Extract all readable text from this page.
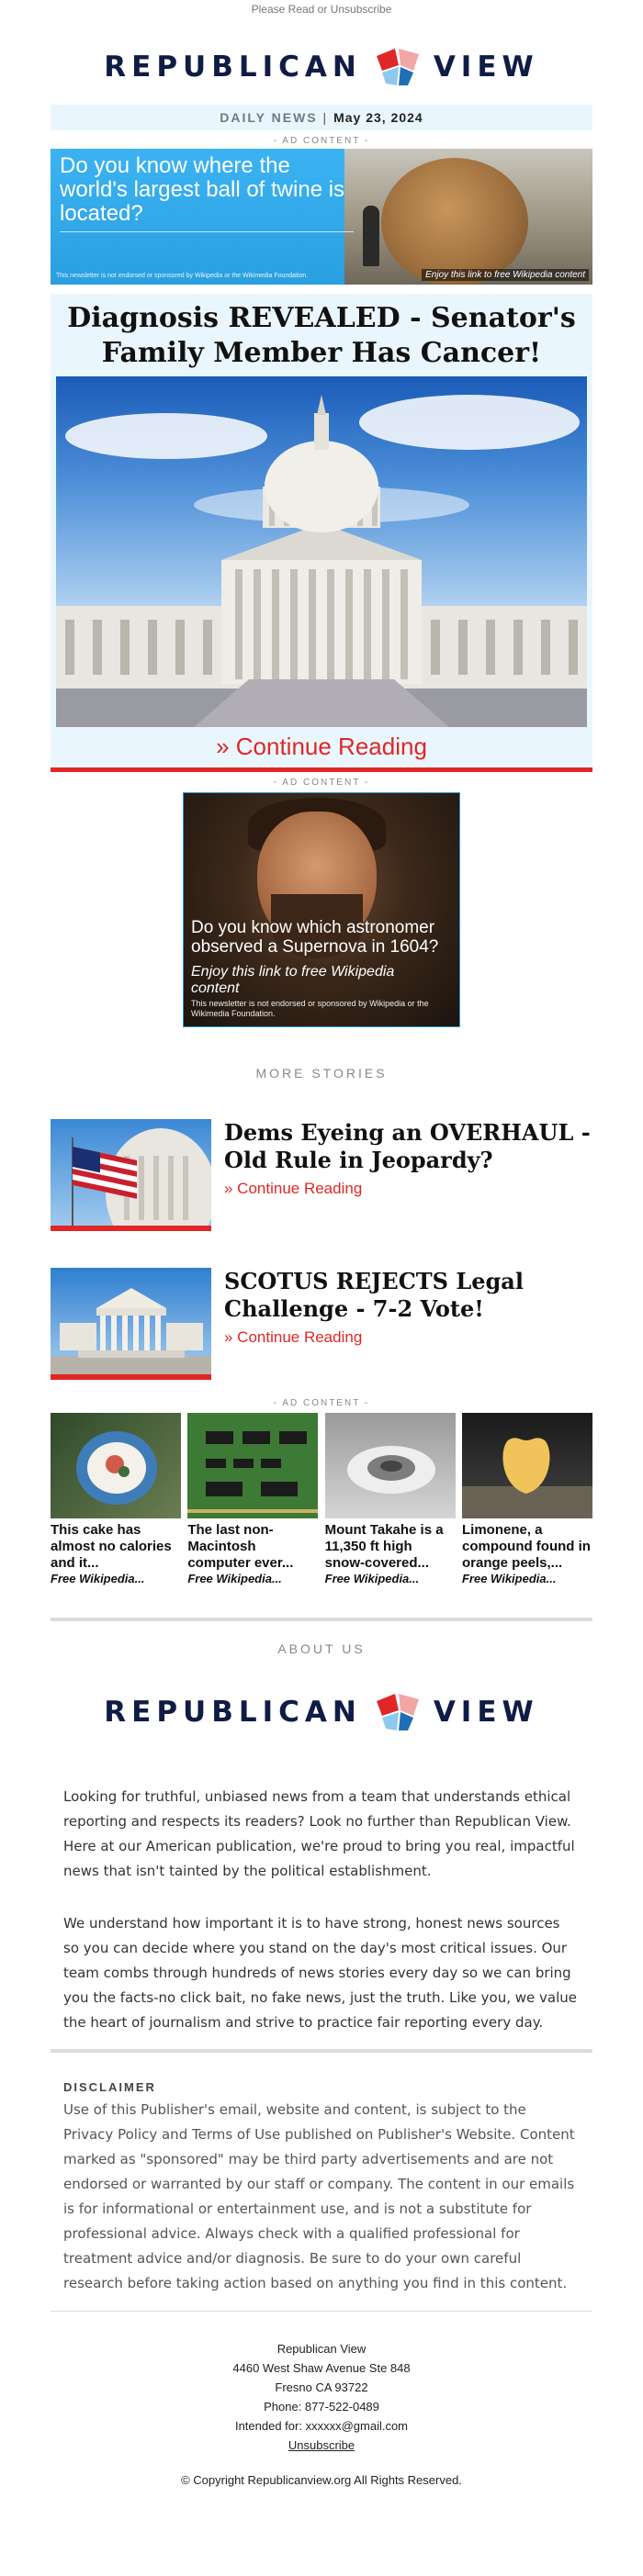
Please Read or Unsubscribe
REPUBLICAN	VIEW
DAILY NEWS | May 23, 2024
- AD CONTENT -
Do you know where the world's largest ball of twine is located?
This newsletter is not endorsed or sponsored by Wikipedia or the Wikimedia Foundation.	Enjoy this link to free Wikipedia content
Diagnosis REVEALED - Senator's Family Member Has Cancer!
» Continue Reading
- AD CONTENT -
Do you know which astronomer observed a Supernova in 1604?
Enjoy this link to free Wikipedia content
This newsletter is not endorsed or sponsored by Wikipedia or the Wikimedia Foundation.
MORE STORIES
Dems Eyeing an OVERHAUL - Old Rule in Jeopardy?
» Continue Reading
SCOTUS REJECTS Legal Challenge - 7-2 Vote!
» Continue Reading
- AD CONTENT -
This cake has almost no calories and it...
Free Wikipedia...
The last non-Macintosh computer ever...
Free Wikipedia...
Mount Takahe is a 11,350 ft high snow-covered...
Free Wikipedia...
Limonene, a compound found in orange peels,...
Free Wikipedia...
ABOUT US
REPUBLICAN	VIEW

Looking for truthful, unbiased news from a team that understands ethical reporting and respects its readers? Look no further than Republican View. Here at our American publication, we're proud to bring you real, impactful news that isn't tainted by the political establishment.

We understand how important it is to have strong, honest news sources so you can decide where you stand on the day's most critical issues. Our team combs through hundreds of news stories every day so we can bring you the facts-no click bait, no fake news, just the truth. Like you, we value the heart of journalism and strive to practice fair reporting every day.

DISCLAIMER

Use of this Publisher's email, website and content, is subject to the Privacy Policy and Terms of Use published on Publisher's Website. Content marked as "sponsored" may be third party advertisements and are not endorsed or warranted by our staff or company. The content in our emails is for informational or entertainment use, and is not a substitute for professional advice. Always check with a qualified professional for treatment advice and/or diagnosis. Be sure to do your own careful research before taking action based on anything you find in this content.

Republican View
4460 West Shaw Avenue Ste 848
Fresno CA 93722
Phone: 877-522-0489
Intended for: xxxxxx@gmail.com
Unsubscribe
© Copyright Republicanview.org All Rights Reserved.
